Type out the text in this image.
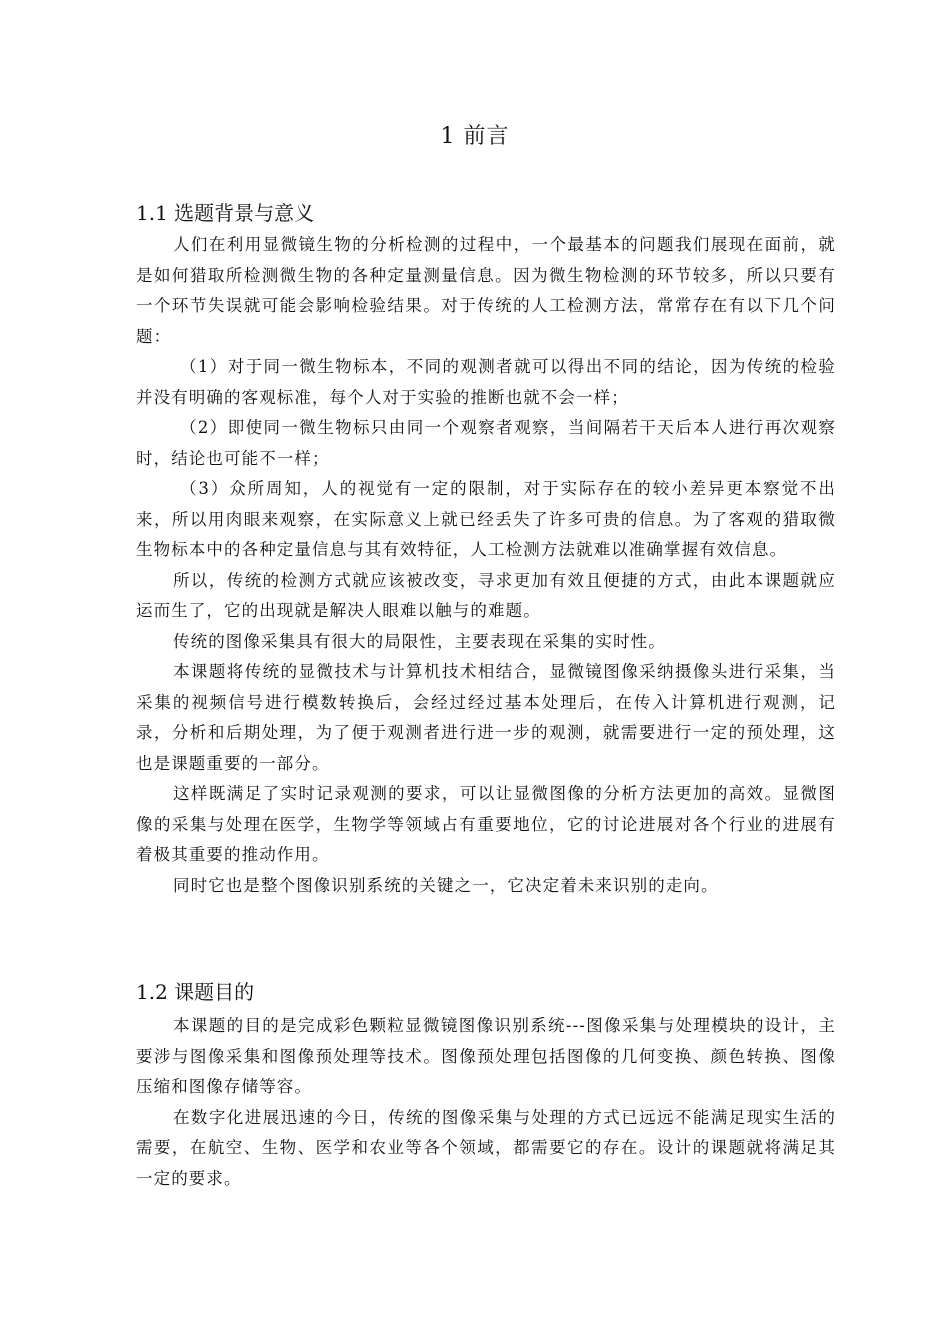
1 前言
1.1 选题背景与意义

人们在利用显微镜生物的分析检测的过程中，一个最基本的问题我们展现在面前，就是如何猎取所检测微生物的各种定量测量信息。因为微生物检测的环节较多，所以只要有一个环节失误就可能会影响检验结果。对于传统的人工检测方法，常常存在有以下几个问题：

（1）对于同一微生物标本，不同的观测者就可以得出不同的结论，因为传统的检验并没有明确的客观标准，每个人对于实验的推断也就不会一样；

（2）即使同一微生物标只由同一个观察者观察，当间隔若干天后本人进行再次观察时，结论也可能不一样；

（3）众所周知，人的视觉有一定的限制，对于实际存在的较小差异更本察觉不出来，所以用肉眼来观察，在实际意义上就已经丢失了许多可贵的信息。为了客观的猎取微生物标本中的各种定量信息与其有效特征，人工检测方法就难以准确掌握有效信息。

所以，传统的检测方式就应该被改变，寻求更加有效且便捷的方式，由此本课题就应运而生了，它的出现就是解决人眼难以触与的难题。

传统的图像采集具有很大的局限性，主要表现在采集的实时性。

本课题将传统的显微技术与计算机技术相结合，显微镜图像采纳摄像头进行采集，当采集的视频信号进行模数转换后，会经过经过基本处理后，在传入计算机进行观测，记录，分析和后期处理，为了便于观测者进行进一步的观测，就需要进行一定的预处理，这也是课题重要的一部分。

这样既满足了实时记录观测的要求，可以让显微图像的分析方法更加的高效。显微图像的采集与处理在医学，生物学等领域占有重要地位，它的讨论进展对各个行业的进展有着极其重要的推动作用。

同时它也是整个图像识别系统的关键之一，它决定着未来识别的走向。

1.2 课题目的

本课题的目的是完成彩色颗粒显微镜图像识别系统---图像采集与处理模块的设计，主要涉与图像采集和图像预处理等技术。图像预处理包括图像的几何变换、颜色转换、图像压缩和图像存储等容。

在数字化进展迅速的今日，传统的图像采集与处理的方式已远远不能满足现实生活的需要，在航空、生物、医学和农业等各个领域，都需要它的存在。设计的课题就将满足其一定的要求。
